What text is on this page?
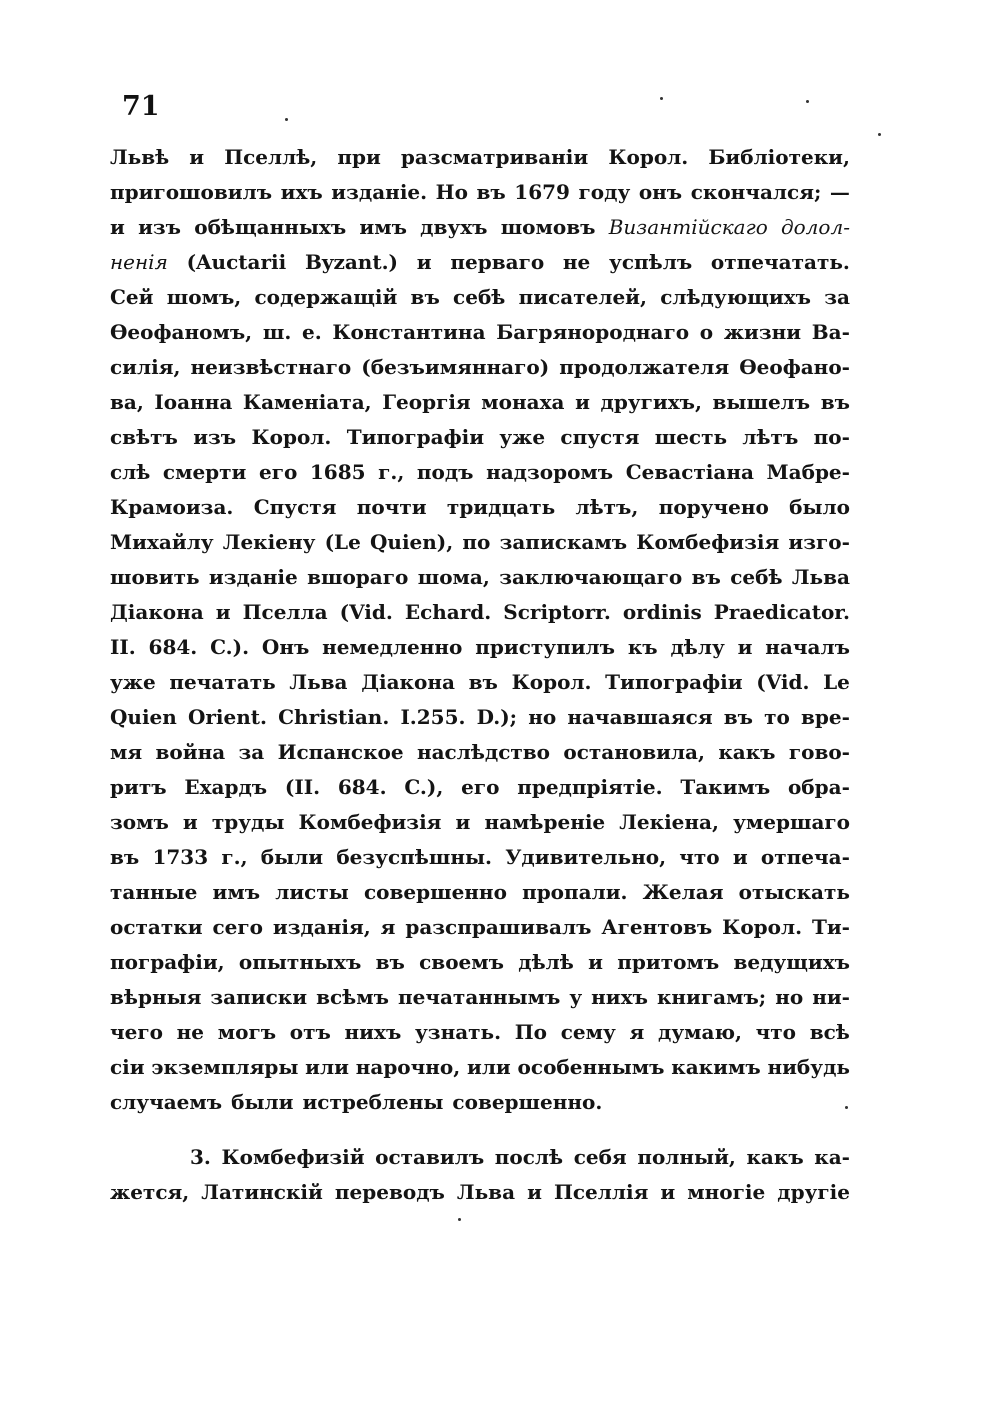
71
Львѣ и Пселлѣ, при разсматриваніи Корол. Библіотеки,
пригошовилъ ихъ изданіе. Но въ 1679 году онъ скончался; —
и изъ обѣщанныхъ имъ двухъ шомовъ Византійскаго долол-
ненія (Auctarii Byzant.) и перваго не успѣлъ отпечатать.
Сей шомъ, содержащій въ себѣ писателей, слѣдующихъ за
Ѳеофаномъ, ш. е. Константина Багрянороднаго о жизни Ва-
силія, неизвѣстнаго (безъимяннаго) продолжателя Ѳеофано-
ва, Іоанна Каменіата, Георгія монаха и другихъ, вышелъ въ
свѣтъ изъ Корол. Типографіи уже спустя шесть лѣтъ по-
слѣ смерти его 1685 г., подъ надзоромъ Севастіана Мабре-
Крамоиза. Спустя почти тридцать лѣтъ, поручено было
Михайлу Лекіену (Le Quien), по запискамъ Комбефизія изго-
шовить изданіе вшораго шома, заключающаго въ себѣ Льва
Діакона и Пселла (Vid. Echard. Scriptorr. ordinis Praedicator.
II. 684. C.). Онъ немедленно приступилъ къ дѣлу и началъ
уже печатать Льва Діакона въ Корол. Типографіи (Vid. Le
Quien Orient. Christian. I.255. D.); но начавшаяся въ то вре-
мя война за Испанское наслѣдство остановила, какъ гово-
ритъ Ехардъ (II. 684. C.), его предпріятіе. Такимъ обра-
зомъ и труды Комбефизія и намѣреніе Лекіена, умершаго
въ 1733 г., были безуспѣшны. Удивительно, что и отпеча-
танные имъ листы совершенно пропали. Желая отыскать
остатки сего изданія, я разспрашивалъ Агентовъ Корол. Ти-
пографіи, опытныхъ въ своемъ дѣлѣ и притомъ ведущихъ
вѣрныя записки всѣмъ печатаннымъ у нихъ книгамъ; но ни-
чего не могъ отъ нихъ узнать. По сему я думаю, что всѣ
сіи экземпляры или нарочно, или особеннымъ какимъ нибудь
случаемъ были истреблены совершенно.
3. Комбефизій оставилъ послѣ себя полный, какъ ка-
жется, Латинскій переводъ Льва и Пселлія и многіе другіе
